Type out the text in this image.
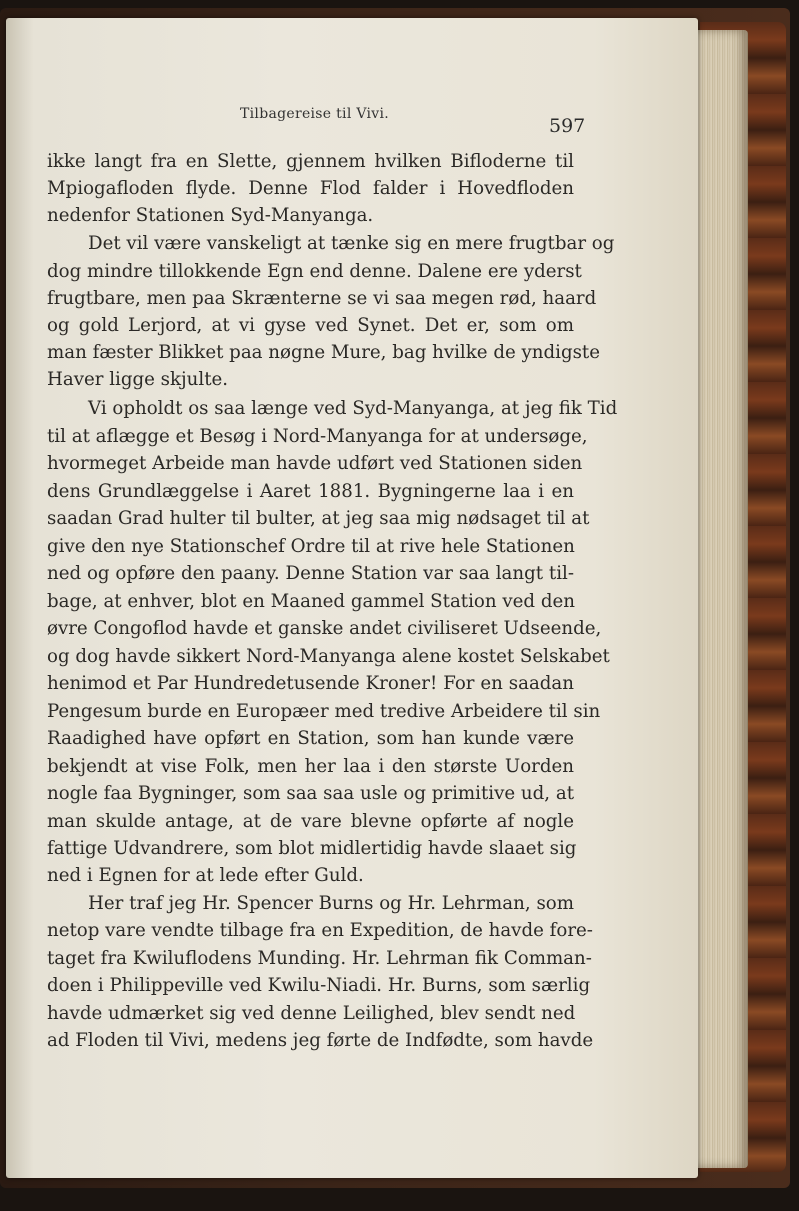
Tilbagereise til Vivi.
597
ikke langt fra en Slette, gjennem hvilken Bifloderne til
Mpiogafloden flyde. Denne Flod falder i Hovedfloden
nedenfor Stationen Syd-Manyanga.
Det vil være vanskeligt at tænke sig en mere frugtbar og
dog mindre tillokkende Egn end denne. Dalene ere yderst
frugtbare, men paa Skrænterne se vi saa megen rød, haard
og gold Lerjord, at vi gyse ved Synet. Det er, som om
man fæster Blikket paa nøgne Mure, bag hvilke de yndigste
Haver ligge skjulte.
Vi opholdt os saa længe ved Syd-Manyanga, at jeg fik Tid
til at aflægge et Besøg i Nord-Manyanga for at undersøge,
hvormeget Arbeide man havde udført ved Stationen siden
dens Grundlæggelse i Aaret 1881. Bygningerne laa i en
saadan Grad hulter til bulter, at jeg saa mig nødsaget til at
give den nye Stationschef Ordre til at rive hele Stationen
ned og opføre den paany. Denne Station var saa langt til-
bage, at enhver, blot en Maaned gammel Station ved den
øvre Congoflod havde et ganske andet civiliseret Udseende,
og dog havde sikkert Nord-Manyanga alene kostet Selskabet
henimod et Par Hundredetusende Kroner! For en saadan
Pengesum burde en Europæer med tredive Arbeidere til sin
Raadighed have opført en Station, som han kunde være
bekjendt at vise Folk, men her laa i den største Uorden
nogle faa Bygninger, som saa saa usle og primitive ud, at
man skulde antage, at de vare blevne opførte af nogle
fattige Udvandrere, som blot midlertidig havde slaaet sig
ned i Egnen for at lede efter Guld.
Her traf jeg Hr. Spencer Burns og Hr. Lehrman, som
netop vare vendte tilbage fra en Expedition, de havde fore-
taget fra Kwiluflodens Munding. Hr. Lehrman fik Comman-
doen i Philippeville ved Kwilu-Niadi. Hr. Burns, som særlig
havde udmærket sig ved denne Leilighed, blev sendt ned
ad Floden til Vivi, medens jeg førte de Indfødte, som havde
